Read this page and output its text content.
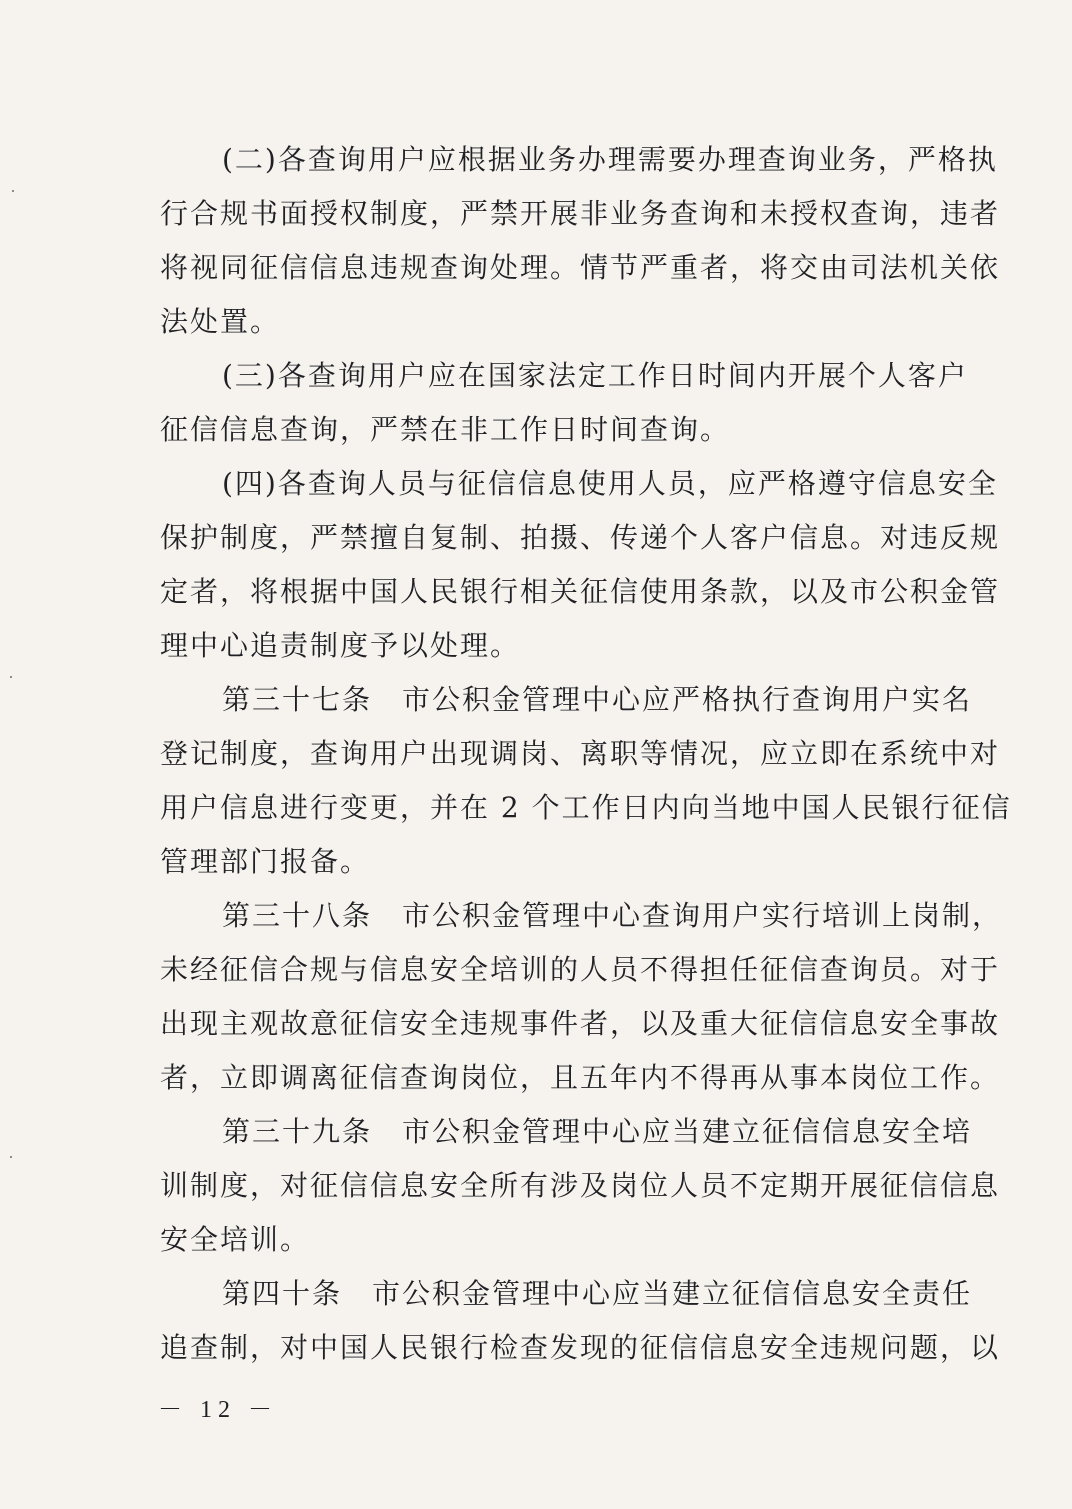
(二)各查询用户应根据业务办理需要办理查询业务，严格执
行合规书面授权制度，严禁开展非业务查询和未授权查询，违者
将视同征信信息违规查询处理。情节严重者，将交由司法机关依
法处置。
(三)各查询用户应在国家法定工作日时间内开展个人客户
征信信息查询，严禁在非工作日时间查询。
(四)各查询人员与征信信息使用人员，应严格遵守信息安全
保护制度，严禁擅自复制、拍摄、传递个人客户信息。对违反规
定者，将根据中国人民银行相关征信使用条款，以及市公积金管
理中心追责制度予以处理。
第三十七条 市公积金管理中心应严格执行查询用户实名
登记制度，查询用户出现调岗、离职等情况，应立即在系统中对
用户信息进行变更，并在 2 个工作日内向当地中国人民银行征信
管理部门报备。
第三十八条 市公积金管理中心查询用户实行培训上岗制，
未经征信合规与信息安全培训的人员不得担任征信查询员。对于
出现主观故意征信安全违规事件者，以及重大征信信息安全事故
者，立即调离征信查询岗位，且五年内不得再从事本岗位工作。
第三十九条 市公积金管理中心应当建立征信信息安全培
训制度，对征信信息安全所有涉及岗位人员不定期开展征信信息
安全培训。
第四十条 市公积金管理中心应当建立征信信息安全责任
追查制，对中国人民银行检查发现的征信信息安全违规问题，以
－ 12 －
